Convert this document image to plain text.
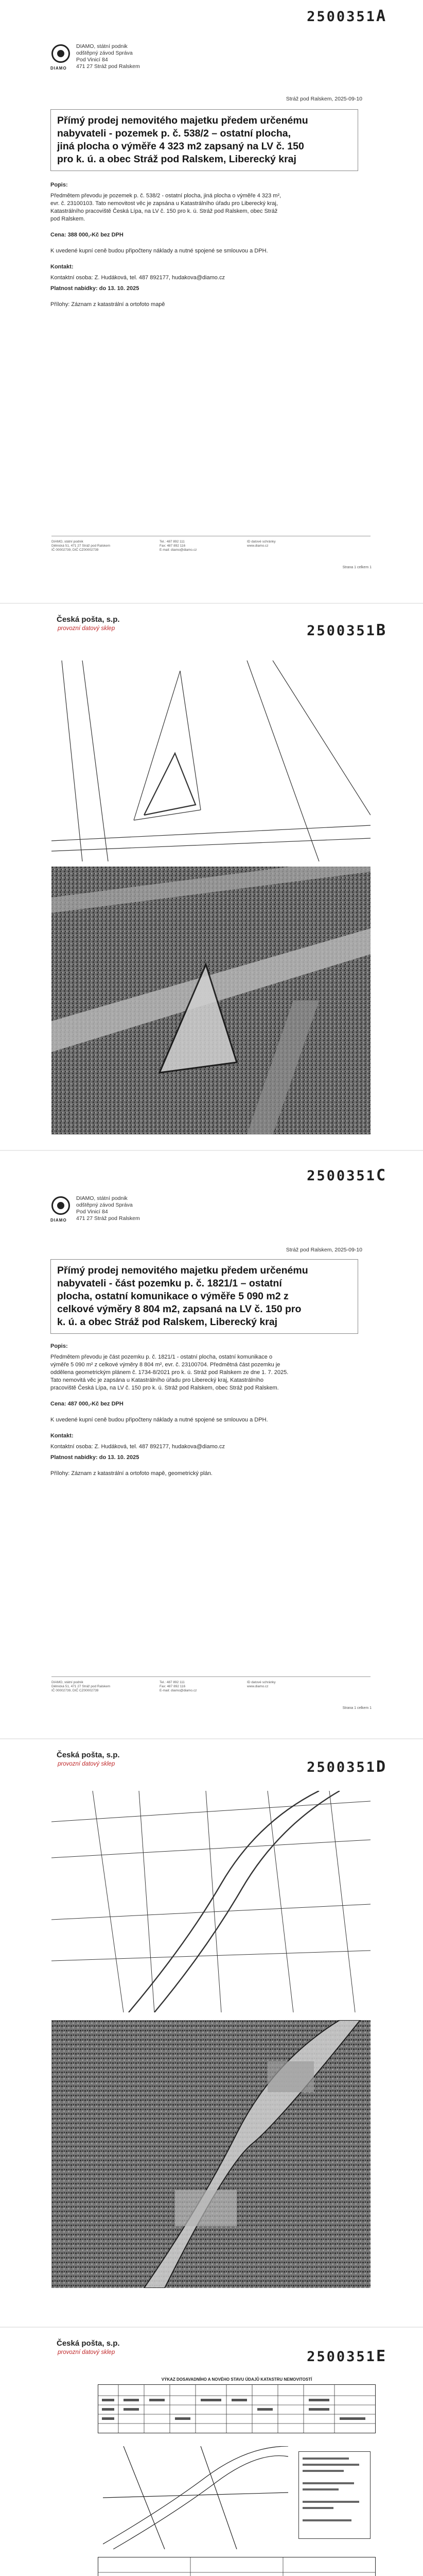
2500351A
DIAMO
DIAMO, státní podnik
odštěpný závod Správa
Pod Vinicí 84
471 27 Stráž pod Ralskem
Stráž pod Ralskem, 2025-09-10
Přímý prodej nemovitého majetku předem určenému
nabyvateli - pozemek p. č. 538/2 – ostatní plocha,
jiná plocha o výměře 4 323 m2 zapsaný na LV č. 150
pro k. ú. a obec Stráž pod Ralskem, Liberecký kraj
Popis:
Předmětem převodu je pozemek p. č. 538/2 - ostatní plocha, jiná plocha o výměře 4 323 m²,
evr. č. 23100103. Tato nemovitost věc je zapsána u Katastrálního úřadu pro Liberecký kraj,
Katastrálního pracoviště Česká Lípa, na LV č. 150 pro k. ú. Stráž pod Ralskem, obec Stráž
pod Ralskem.
Cena: 388 000,-Kč bez DPH
K uvedené kupní ceně budou připočteny náklady a nutné spojené se smlouvou a DPH.
Kontakt:
Kontaktní osoba: Z. Hudáková, tel. 487 892177, hudakova@diamo.cz
Platnost nabídky: do 13. 10. 2025
Přílohy: Záznam z katastrální a ortofoto mapě
DIAMO, státní podnik
Dělnická 51, 471 27 Stráž pod Ralskem
IČ 00002739, DIČ CZ00002739
Tel.: 487 892 111
Fax: 487 892 116
E-mail: diamo@diamo.cz
ID datové schránky
www.diamo.cz
Strana 1 celkem 1
Česká pošta, s.p.
provozní datový sklep	2500351B
2500351C
DIAMO
DIAMO, státní podnik
odštěpný závod Správa
Pod Vinicí 84
471 27 Stráž pod Ralskem
Stráž pod Ralskem, 2025-09-10
Přímý prodej nemovitého majetku předem určenému
nabyvateli - část pozemku p. č. 1821/1 – ostatní
plocha, ostatní komunikace o výměře 5 090 m2 z
celkové výměry 8 804 m2, zapsaná na LV č. 150 pro
k. ú. a obec Stráž pod Ralskem, Liberecký kraj
Popis:
Předmětem převodu je část pozemku p. č. 1821/1 - ostatní plocha, ostatní komunikace o
výměře 5 090 m² z celkové výměry 8 804 m², evr. č. 23100704. Předmětná část pozemku je
oddělena geometrickým plánem č. 1734-8/2021 pro k. ú. Stráž pod Ralskem ze dne 1. 7. 2025.
Tato nemovitá věc je zapsána u Katastrálního úřadu pro Liberecký kraj, Katastrálního
pracoviště Česká Lípa, na LV č. 150 pro k. ú. Stráž pod Ralskem, obec Stráž pod Ralskem.
Cena: 487 000,-Kč bez DPH
K uvedené kupní ceně budou připočteny náklady a nutné spojené se smlouvou a DPH.
Kontakt:
Kontaktní osoba: Z. Hudáková, tel. 487 892177, hudakova@diamo.cz
Platnost nabídky: do 13. 10. 2025
Přílohy: Záznam z katastrální a ortofoto mapě, geometrický plán.
DIAMO, státní podnik
Dělnická 51, 471 27 Stráž pod Ralskem
IČ 00002739, DIČ CZ00002739
Tel.: 487 892 111
Fax: 487 892 116
E-mail: diamo@diamo.cz
ID datové schránky
www.diamo.cz
Strana 1 celkem 1
Česká pošta, s.p.
provozní datový sklep	2500351D
Česká pošta, s.p.
provozní datový sklep	2500351E
VÝKAZ DOSAVADNÍHO A NOVÉHO STAVU ÚDAJŮ KATASTRU NEMOVITOSTÍ
